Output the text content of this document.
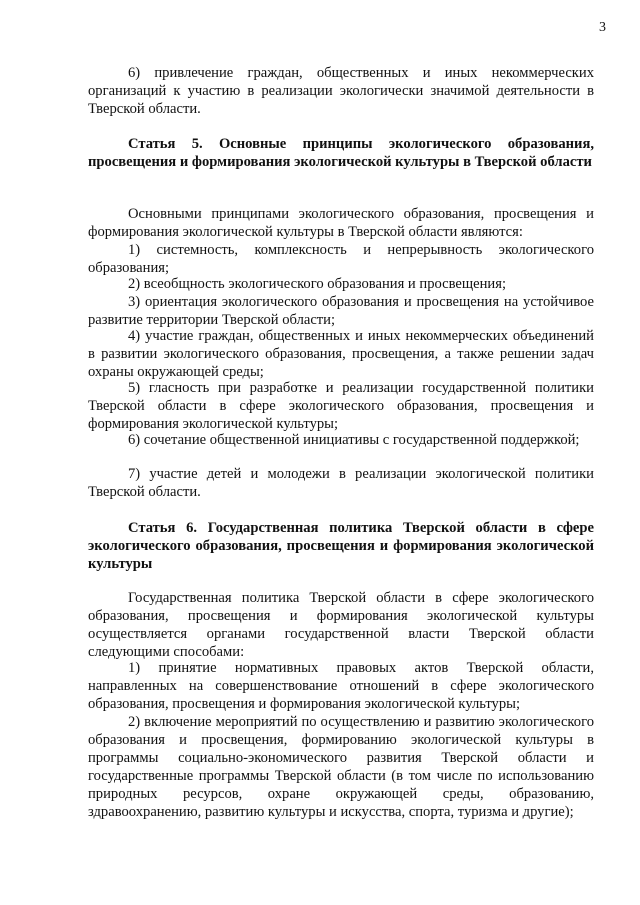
3

6) привлечение граждан, общественных и иных некоммерческих организаций к участию в реализации экологически значимой деятельности в Тверской области.

Статья 5. Основные принципы экологического образования, просвещения и формирования экологической культуры в Тверской области

Основными принципами экологического образования, просвещения и формирования экологической культуры в Тверской области являются:

1) системность, комплексность и непрерывность экологического образования;

2) всеобщность экологического образования и просвещения;

3) ориентация экологического образования и просвещения на устойчивое развитие территории Тверской области;

4) участие граждан, общественных и иных некоммерческих объединений в развитии экологического образования, просвещения, а также решении задач охраны окружающей среды;

5) гласность при разработке и реализации государственной политики Тверской области в сфере экологического образования, просвещения и формирования экологической культуры;

6) сочетание общественной инициативы с государственной поддержкой;

7) участие детей и молодежи в реализации экологической политики Тверской области.

Статья 6. Государственная политика Тверской области в сфере экологического образования, просвещения и формирования экологической культуры

Государственная политика Тверской области в сфере экологического образования, просвещения и формирования экологической культуры осуществляется органами государственной власти Тверской области следующими способами:

1) принятие нормативных правовых актов Тверской области, направленных на совершенствование отношений в сфере экологического образования, просвещения и формирования экологической культуры;

2) включение мероприятий по осуществлению и развитию экологического образования и просвещения, формированию экологической культуры в программы социально-экономического развития Тверской области и государственные программы Тверской области (в том числе по использованию природных ресурсов, охране окружающей среды, образованию, здравоохранению, развитию культуры и искусства, спорта, туризма и другие);
